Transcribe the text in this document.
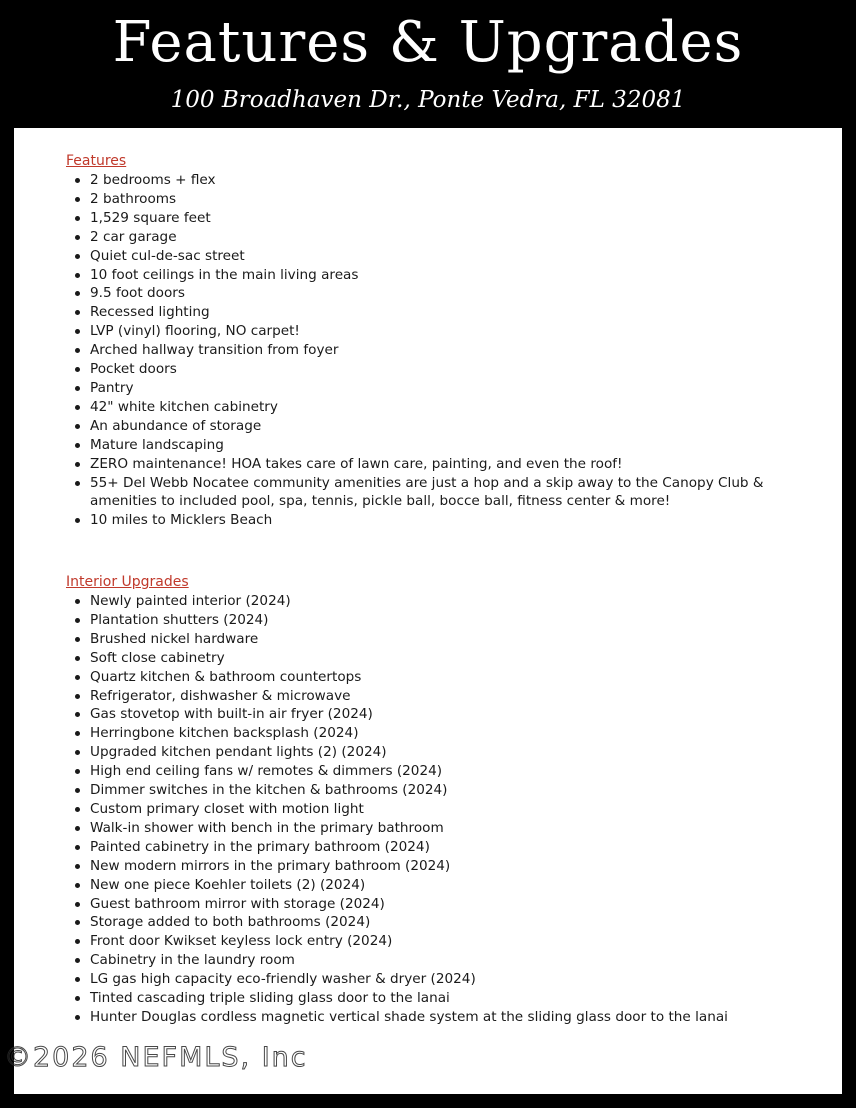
Features & Upgrades
100 Broadhaven Dr., Ponte Vedra, FL 32081
Features
2 bedrooms + flex
2 bathrooms
1,529 square feet
2 car garage
Quiet cul-de-sac street
10 foot ceilings in the main living areas
9.5 foot doors
Recessed lighting
LVP (vinyl) flooring, NO carpet!
Arched hallway transition from foyer
Pocket doors
Pantry
42" white kitchen cabinetry
An abundance of storage
Mature landscaping
ZERO maintenance! HOA takes care of lawn care, painting, and even the roof!
55+ Del Webb Nocatee community amenities are just a hop and a skip away to the Canopy Club & amenities to included pool, spa, tennis, pickle ball, bocce ball, fitness center & more!
10 miles to Micklers Beach
Interior Upgrades
Newly painted interior (2024)
Plantation shutters (2024)
Brushed nickel hardware
Soft close cabinetry
Quartz kitchen & bathroom countertops
Refrigerator, dishwasher & microwave
Gas stovetop with built-in air fryer (2024)
Herringbone kitchen backsplash (2024)
Upgraded kitchen pendant lights (2) (2024)
High end ceiling fans w/ remotes & dimmers (2024)
Dimmer switches in the kitchen & bathrooms (2024)
Custom primary closet with motion light
Walk-in shower with bench in the primary bathroom
Painted cabinetry in the primary bathroom (2024)
New modern mirrors in the primary bathroom (2024)
New one piece Koehler toilets (2) (2024)
Guest bathroom mirror with storage (2024)
Storage added to both bathrooms (2024)
Front door Kwikset keyless lock entry (2024)
Cabinetry in the laundry room
LG gas high capacity eco-friendly washer & dryer (2024)
Tinted cascading triple sliding glass door to the lanai
Hunter Douglas cordless magnetic vertical shade system at the sliding glass door to the lanai
